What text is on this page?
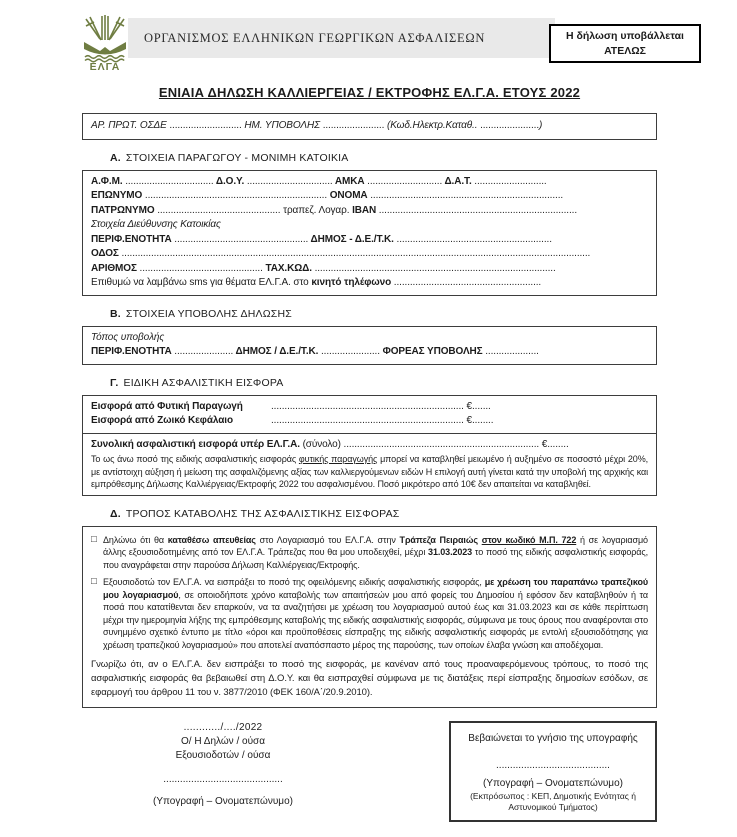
ΕΛΓΑ
ΟΡΓΑΝΙΣΜΟΣ ΕΛΛΗΝΙΚΩΝ ΓΕΩΡΓΙΚΩΝ ΑΣΦΑΛΙΣΕΩΝ	Η δήλωση υποβάλλεται
ΑΤΕΛΩΣ
ΕΝΙΑΙΑ ΔΗΛΩΣΗ ΚΑΛΛΙΕΡΓΕΙΑΣ / ΕΚΤΡΟΦΗΣ ΕΛ.Γ.Α. ΕΤΟΥΣ 2022
ΑΡ. ΠΡΩΤ. ΟΣΔΕ ........................... ΗΜ. ΥΠΟΒΟΛΗΣ ....................... (Κωδ.Ηλεκτρ.Καταθ.. ......................)
Α. ΣΤΟΙΧΕΙΑ ΠΑΡΑΓΩΓΟΥ - ΜΟΝΙΜΗ ΚΑΤΟΙΚΙΑ
Α.Φ.Μ. ................................. Δ.Ο.Υ. ................................ ΑΜΚΑ ............................ Δ.Α.Τ. ...........................
ΕΠΩΝΥΜΟ .................................................................... ΟΝΟΜΑ ........................................................................
ΠΑΤΡΩΝΥΜΟ .............................................. τραπεζ. Λογαρ. ΙΒΑΝ ..........................................................................
Στοιχεία Διεύθυνσης Κατοικίας
ΠΕΡΙΦ.ΕΝΟΤΗΤΑ .................................................. ΔΗΜΟΣ - Δ.Ε./Τ.Κ. ..........................................................
ΟΔΟΣ ...............................................................................................................................................................................
ΑΡΙΘΜΟΣ .............................................. ΤΑΧ.ΚΩΔ. ..........................................................................................
Επιθυμώ να λαμβάνω sms για θέματα ΕΛ.Γ.Α. στο κινητό τηλέφωνο .......................................................
Β. ΣΤΟΙΧΕΙΑ ΥΠΟΒΟΛΗΣ ΔΗΛΩΣΗΣ
Τόπος υποβολής
ΠΕΡΙΦ.ΕΝΟΤΗΤΑ ...................... ΔΗΜΟΣ / Δ.Ε./Τ.Κ. ...................... ΦΟΡΕΑΣ ΥΠΟΒΟΛΗΣ ....................
Γ. ΕΙΔΙΚΗ ΑΣΦΑΛΙΣΤΙΚΗ ΕΙΣΦΟΡΑ
Εισφορά από Φυτική Παραγωγή	........................................................................ €.......
Εισφορά από Ζωικό Κεφάλαιο	........................................................................ €........
Συνολική ασφαλιστική εισφορά υπέρ ΕΛ.Γ.Α. (σύνολο) ......................................................................... €........
Το ως άνω ποσό της ειδικής ασφαλιστικής εισφοράς φυτικής παραγωγής μπορεί να καταβληθεί μειωμένο ή αυξημένο σε ποσοστό μέχρι 20%, με αντίστοιχη αύξηση ή μείωση της ασφαλιζόμενης αξίας των καλλιεργούμενων ειδών Η επιλογή αυτή γίνεται κατά την υποβολή της αρχικής και εμπρόθεσμης Δήλωσης Καλλιέργειας/Εκτροφής 2022 του ασφαλισμένου. Ποσό μικρότερο από 10€ δεν απαιτείται να καταβληθεί.
Δ. ΤΡΟΠΟΣ ΚΑΤΑΒΟΛΗΣ ΤΗΣ ΑΣΦΑΛΙΣΤΙΚΗΣ ΕΙΣΦΟΡΑΣ
□ Δηλώνω ότι θα καταθέσω απευθείας στο Λογαριασμό του ΕΛ.Γ.Α. στην Τράπεζα Πειραιώς στον κωδικό Μ.Π. 722 ή σε λογαριασμό άλλης εξουσιοδοτημένης από τον ΕΛ.Γ.Α. Τράπεζας που θα μου υποδειχθεί, μέχρι 31.03.2023 το ποσό της ειδικής ασφαλιστικής εισφοράς, που αναγράφεται στην παρούσα Δήλωση Καλλιέργειας/Εκτροφής.
□ Εξουσιοδοτώ τον ΕΛ.Γ.Α. να εισπράξει το ποσό της οφειλόμενης ειδικής ασφαλιστικής εισφοράς, με χρέωση του παραπάνω τραπεζικού μου λογαριασμού, σε οποιοδήποτε χρόνο καταβολής των απαιτήσεών μου από φορείς του Δημοσίου ή εφόσον δεν καταβληθούν ή τα ποσά που κατατίθενται δεν επαρκούν, να τα αναζητήσει με χρέωση του λογαριασμού αυτού έως και 31.03.2023 και σε κάθε περίπτωση μέχρι την ημερομηνία λήξης της εμπρόθεσμης καταβολής της ειδικής ασφαλιστικής εισφοράς, σύμφωνα με τους όρους που αναφέρονται στο συνημμένο σχετικό έντυπο με τίτλο «όροι και προϋποθέσεις είσπραξης της ειδικής ασφαλιστικής εισφοράς με εντολή εξουσιοδότησης για χρέωση τραπεζικού λογαριασμού» που αποτελεί αναπόσπαστο μέρος της παρούσης, των οποίων έλαβα γνώση και αποδέχομαι.
Γνωρίζω ότι, αν ο ΕΛ.Γ.Α. δεν εισπράξει το ποσό της εισφοράς, με κανέναν από τους προαναφερόμενους τρόπους, το ποσό της ασφαλιστικής εισφοράς θα βεβαιωθεί στη Δ.Ο.Υ. και θα εισπραχθεί σύμφωνα με τις διατάξεις περί είσπραξης δημοσίων εσόδων, σε εφαρμογή του άρθρου 11 του ν. 3877/2010 (ΦΕΚ 160/Α΄/20.9.2010).
............/..../2022
Ο/ Η Δηλών / ούσα
Εξουσιοδοτών / ούσα
...........................................
(Υπογραφή – Ονοματεπώνυμο)
Βεβαιώνεται το γνήσιο της υπογραφής
.........................................
(Υπογραφή – Ονοματεπώνυμο)
(Εκπρόσωπος : ΚΕΠ, Δημοτικής Ενότητας ή Αστυνομικού Τμήματος)
